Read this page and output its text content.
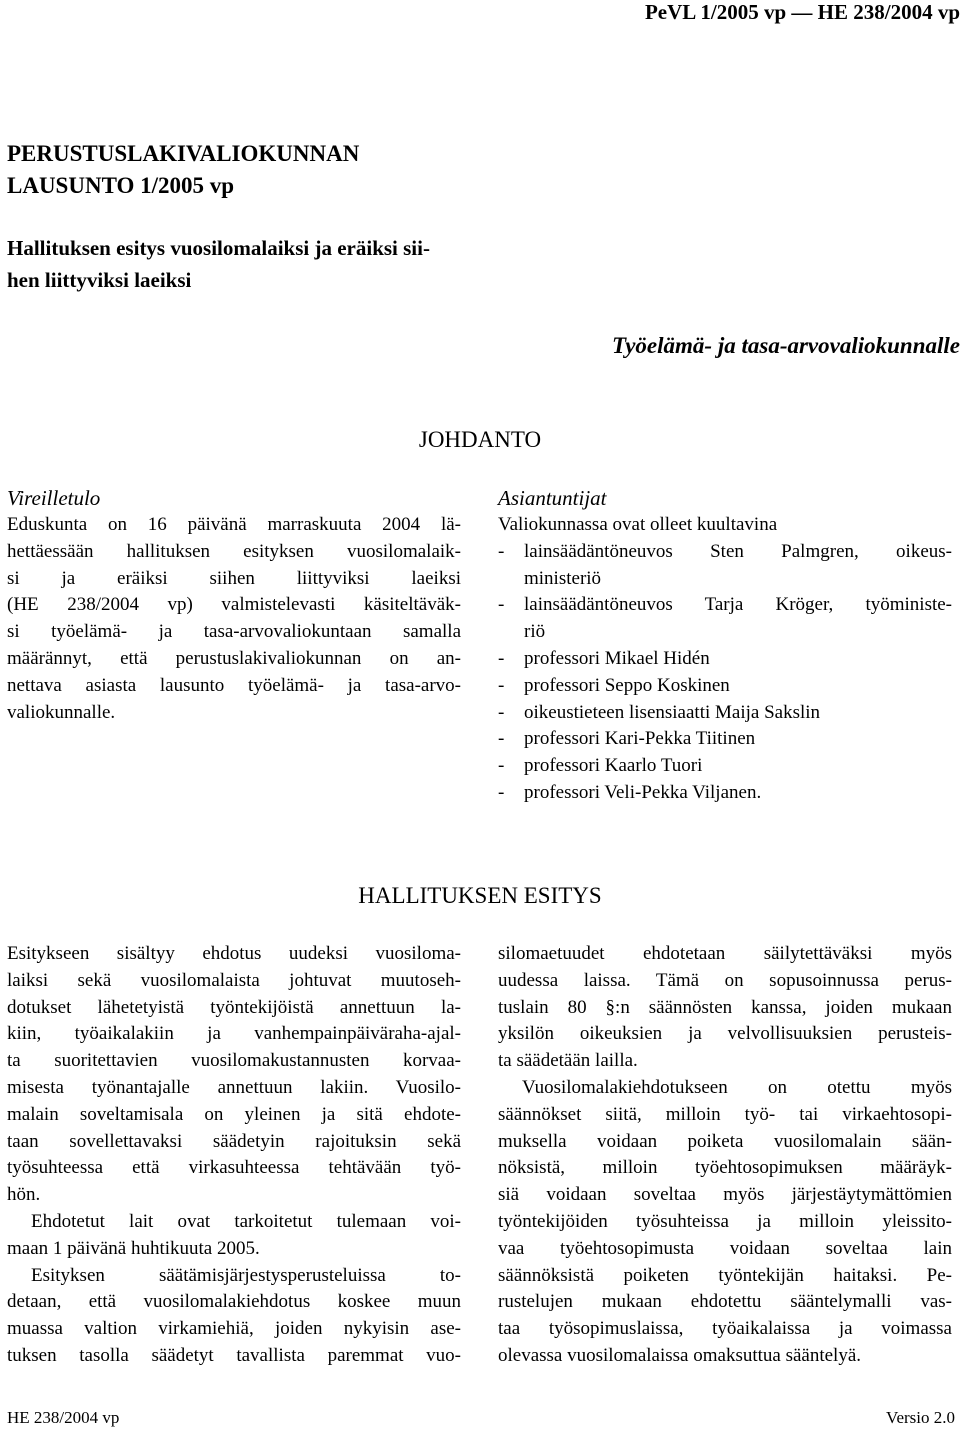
PeVL 1/2005 vp — HE 238/2004 vp
PERUSTUSLAKIVALIOKUNNAN
LAUSUNTO 1/2005 vp
Hallituksen esitys vuosilomalaiksi ja eräiksi sii-
hen liittyviksi laeiksi
Työelämä- ja tasa-arvovaliokunnalle
JOHDANTO
Vireilletulo
Eduskunta on 16 päivänä marraskuuta 2004 lä-
hettäessään hallituksen esityksen vuosilomalaik-
si ja eräiksi siihen liittyviksi laeiksi
(HE 238/2004 vp) valmistelevasti käsiteltäväk-
si työelämä- ja tasa-arvovaliokuntaan samalla
määrännyt, että perustuslakivaliokunnan on an-
nettava asiasta lausunto työelämä- ja tasa-arvo-
valiokunnalle.
Asiantuntijat
Valiokunnassa ovat olleet kuultavina
-	lainsäädäntöneuvos Sten Palmgren, oikeus-
ministeriö
-	lainsäädäntöneuvos Tarja Kröger, työministe-
riö
-	professori Mikael Hidén
-	professori Seppo Koskinen
-	oikeustieteen lisensiaatti Maija Sakslin
-	professori Kari-Pekka Tiitinen
-	professori Kaarlo Tuori
-	professori Veli-Pekka Viljanen.
HALLITUKSEN ESITYS
Esitykseen sisältyy ehdotus uudeksi vuosiloma-
laiksi sekä vuosilomalaista johtuvat muutoseh-
dotukset lähetetyistä työntekijöistä annettuun la-
kiin, työaikalakiin ja vanhempainpäiväraha-ajal-
ta suoritettavien vuosilomakustannusten korvaa-
misesta työnantajalle annettuun lakiin. Vuosilo-
malain soveltamisala on yleinen ja sitä ehdote-
taan sovellettavaksi säädetyin rajoituksin sekä
työsuhteessa että virkasuhteessa tehtävään työ-
hön.
Ehdotetut lait ovat tarkoitetut tulemaan voi-
maan 1 päivänä huhtikuuta 2005.
Esityksen säätämisjärjestysperusteluissa to-
detaan, että vuosilomalakiehdotus koskee muun
muassa valtion virkamiehiä, joiden nykyisin ase-
tuksen tasolla säädetyt tavallista paremmat vuo-
silomaetuudet ehdotetaan säilytettäväksi myös
uudessa laissa. Tämä on sopusoinnussa perus-
tuslain 80 §:n säännösten kanssa, joiden mukaan
yksilön oikeuksien ja velvollisuuksien perusteis-
ta säädetään lailla.
Vuosilomalakiehdotukseen on otettu myös
säännökset siitä, milloin työ- tai virkaehtosopi-
muksella voidaan poiketa vuosilomalain sään-
nöksistä, milloin työehtosopimuksen määräyk-
siä voidaan soveltaa myös järjestäytymättömien
työntekijöiden työsuhteissa ja milloin yleissito-
vaa työehtosopimusta voidaan soveltaa lain
säännöksistä poiketen työntekijän haitaksi. Pe-
rustelujen mukaan ehdotettu sääntelymalli vas-
taa työsopimuslaissa, työaikalaissa ja voimassa
olevassa vuosilomalaissa omaksuttua sääntelyä.
HE 238/2004 vp	Versio 2.0
